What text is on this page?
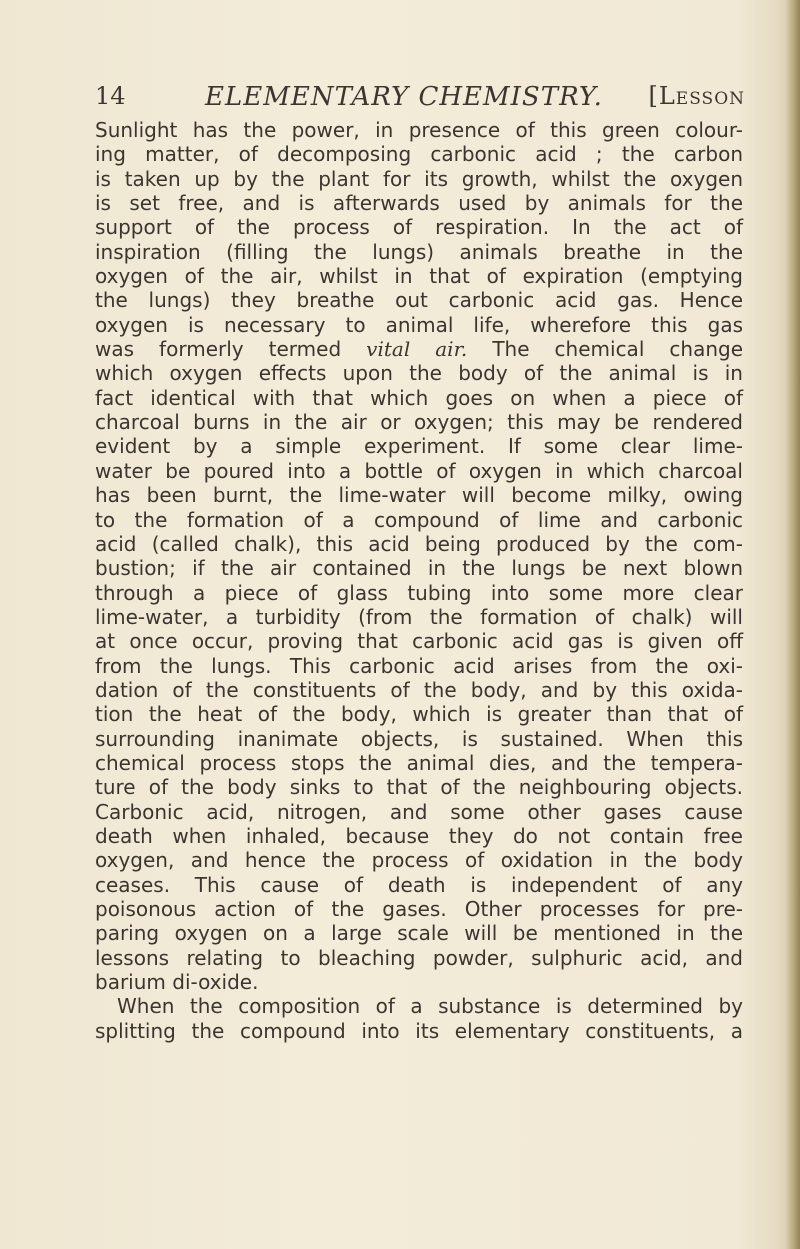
14	ELEMENTARY CHEMISTRY. [Lesson
Sunlight has the power, in presence of this green colour-
ing matter, of decomposing carbonic acid ; the carbon
is taken up by the plant for its growth, whilst the oxygen
is set free, and is afterwards used by animals for the
support of the process of respiration. In the act of
inspiration (filling the lungs) animals breathe in the
oxygen of the air, whilst in that of expiration (emptying
the lungs) they breathe out carbonic acid gas. Hence
oxygen is necessary to animal life, wherefore this gas
was formerly termed vital air. The chemical change
which oxygen effects upon the body of the animal is in
fact identical with that which goes on when a piece of
charcoal burns in the air or oxygen; this may be rendered
evident by a simple experiment. If some clear lime-
water be poured into a bottle of oxygen in which charcoal
has been burnt, the lime-water will become milky, owing
to the formation of a compound of lime and carbonic
acid (called chalk), this acid being produced by the com-
bustion; if the air contained in the lungs be next blown
through a piece of glass tubing into some more clear
lime-water, a turbidity (from the formation of chalk) will
at once occur, proving that carbonic acid gas is given off
from the lungs. This carbonic acid arises from the oxi-
dation of the constituents of the body, and by this oxida-
tion the heat of the body, which is greater than that of
surrounding inanimate objects, is sustained. When this
chemical process stops the animal dies, and the tempera-
ture of the body sinks to that of the neighbouring objects.
Carbonic acid, nitrogen, and some other gases cause
death when inhaled, because they do not contain free
oxygen, and hence the process of oxidation in the body
ceases. This cause of death is independent of any
poisonous action of the gases. Other processes for pre-
paring oxygen on a large scale will be mentioned in the
lessons relating to bleaching powder, sulphuric acid, and
barium di-oxide.
When the composition of a substance is determined by
splitting the compound into its elementary constituents, a
